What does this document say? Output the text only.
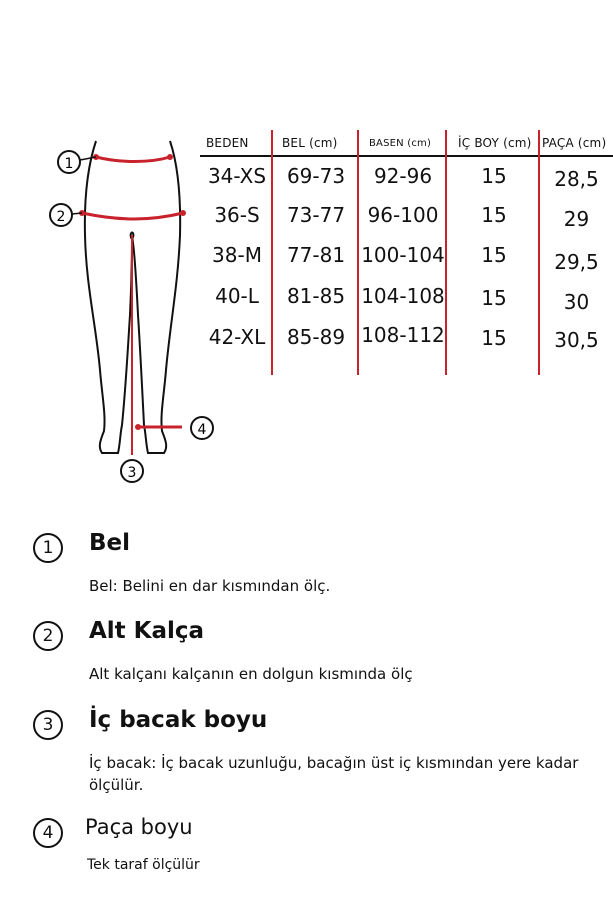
1
2
3
4
BEDEN	BEL (cm)	BASEN (cm) İÇ BOY (cm) PAÇA (cm)
34-XS	69-73	92-96	15	28,5
36-S	73-77	96-100	15	29
38-M	77-81 100-104	15	29,5
40-L	81-85 104-108	15	30
42-XL	85-89 108-112	15	30,5
1	Bel
Bel: Belini en dar kısmından ölç.
2	Alt Kalça
Alt kalçanı kalçanın en dolgun kısmında ölç
3	İç bacak boyu
İç bacak: İç bacak uzunluğu, bacağın üst iç kısmından yere kadar ölçülür.
4	Paça boyu
Tek taraf ölçülür
